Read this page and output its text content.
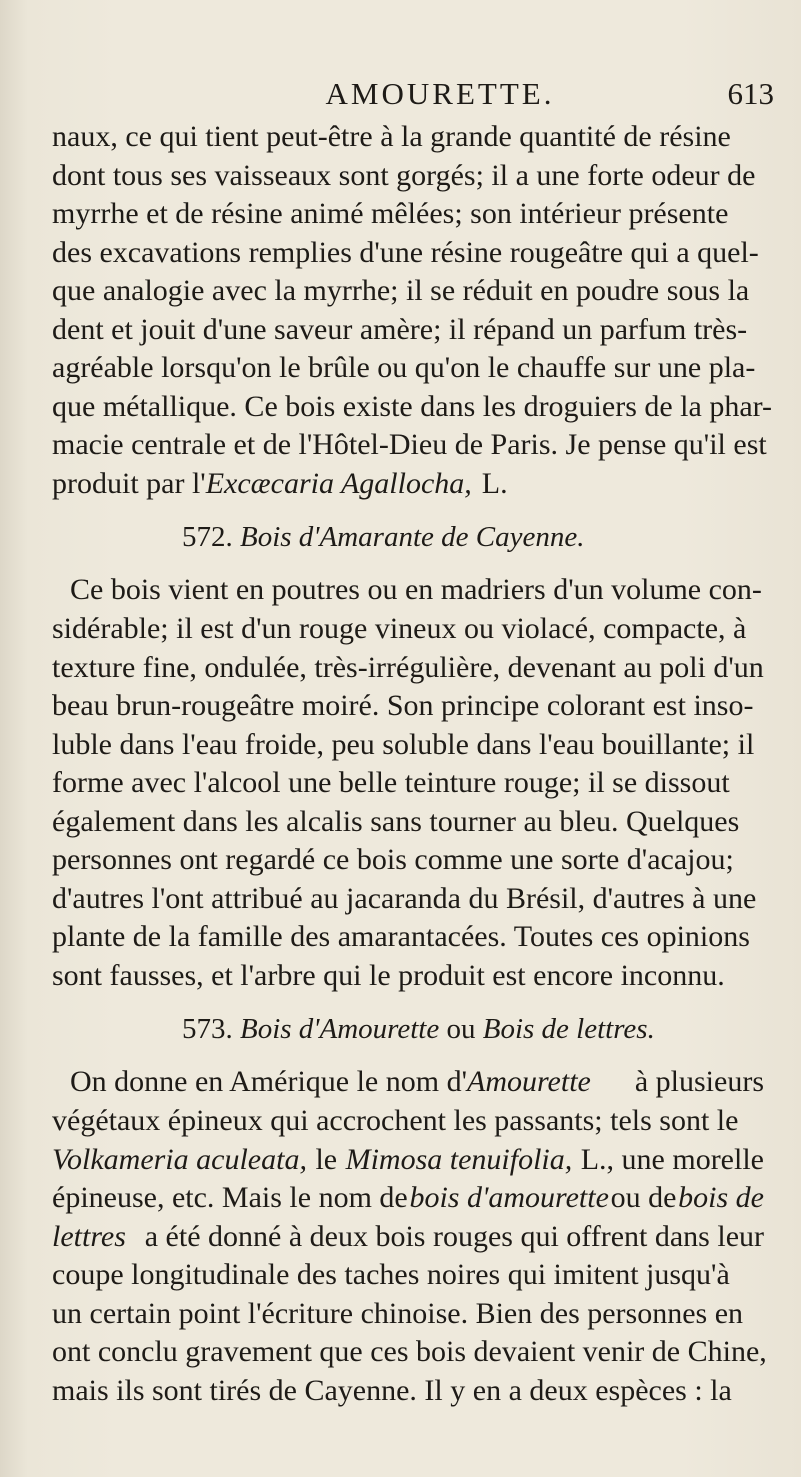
AMOURETTE.	613
naux, ce qui tient peut-être à la grande quantité de résine
dont tous ses vaisseaux sont gorgés; il a une forte odeur de
myrrhe et de résine animé mêlées; son intérieur présente
des excavations remplies d'une résine rougeâtre qui a quel-
que analogie avec la myrrhe; il se réduit en poudre sous la
dent et jouit d'une saveur amère; il répand un parfum très-
agréable lorsqu'on le brûle ou qu'on le chauffe sur une pla-
que métallique. Ce bois existe dans les droguiers de la phar-
macie centrale et de l'Hôtel-Dieu de Paris. Je pense qu'il est
produit par l'Excæcaria Agallocha, L.
572. Bois d'Amarante de Cayenne.
Ce bois vient en poutres ou en madriers d'un volume con-
sidérable; il est d'un rouge vineux ou violacé, compacte, à
texture fine, ondulée, très-irrégulière, devenant au poli d'un
beau brun-rougeâtre moiré. Son principe colorant est inso-
luble dans l'eau froide, peu soluble dans l'eau bouillante; il
forme avec l'alcool une belle teinture rouge; il se dissout
également dans les alcalis sans tourner au bleu. Quelques
personnes ont regardé ce bois comme une sorte d'acajou;
d'autres l'ont attribué au jacaranda du Brésil, d'autres à une
plante de la famille des amarantacées. Toutes ces opinions
sont fausses, et l'arbre qui le produit est encore inconnu.
573. Bois d'Amourette ou Bois de lettres.
On donne en Amérique le nom d'Amourette à plusieurs
végétaux épineux qui accrochent les passants; tels sont le
Volkameria aculeata, le Mimosa tenuifolia, L., une morelle
épineuse, etc. Mais le nom de bois d'amourette ou de bois de
lettres a été donné à deux bois rouges qui offrent dans leur
coupe longitudinale des taches noires qui imitent jusqu'à
un certain point l'écriture chinoise. Bien des personnes en
ont conclu gravement que ces bois devaient venir de Chine,
mais ils sont tirés de Cayenne. Il y en a deux espèces : la
